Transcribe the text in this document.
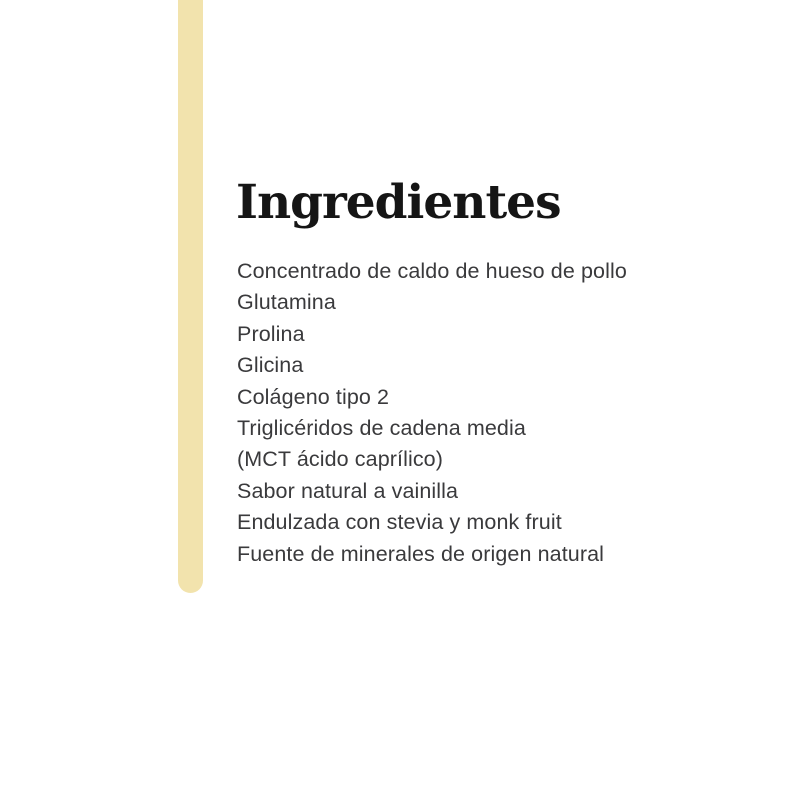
Ingredientes
Concentrado de caldo de hueso de pollo
Glutamina
Prolina
Glicina
Colágeno tipo 2
Triglicéridos de cadena media
(MCT ácido caprílico)
Sabor natural a vainilla
Endulzada con stevia y monk fruit
Fuente de minerales de origen natural
